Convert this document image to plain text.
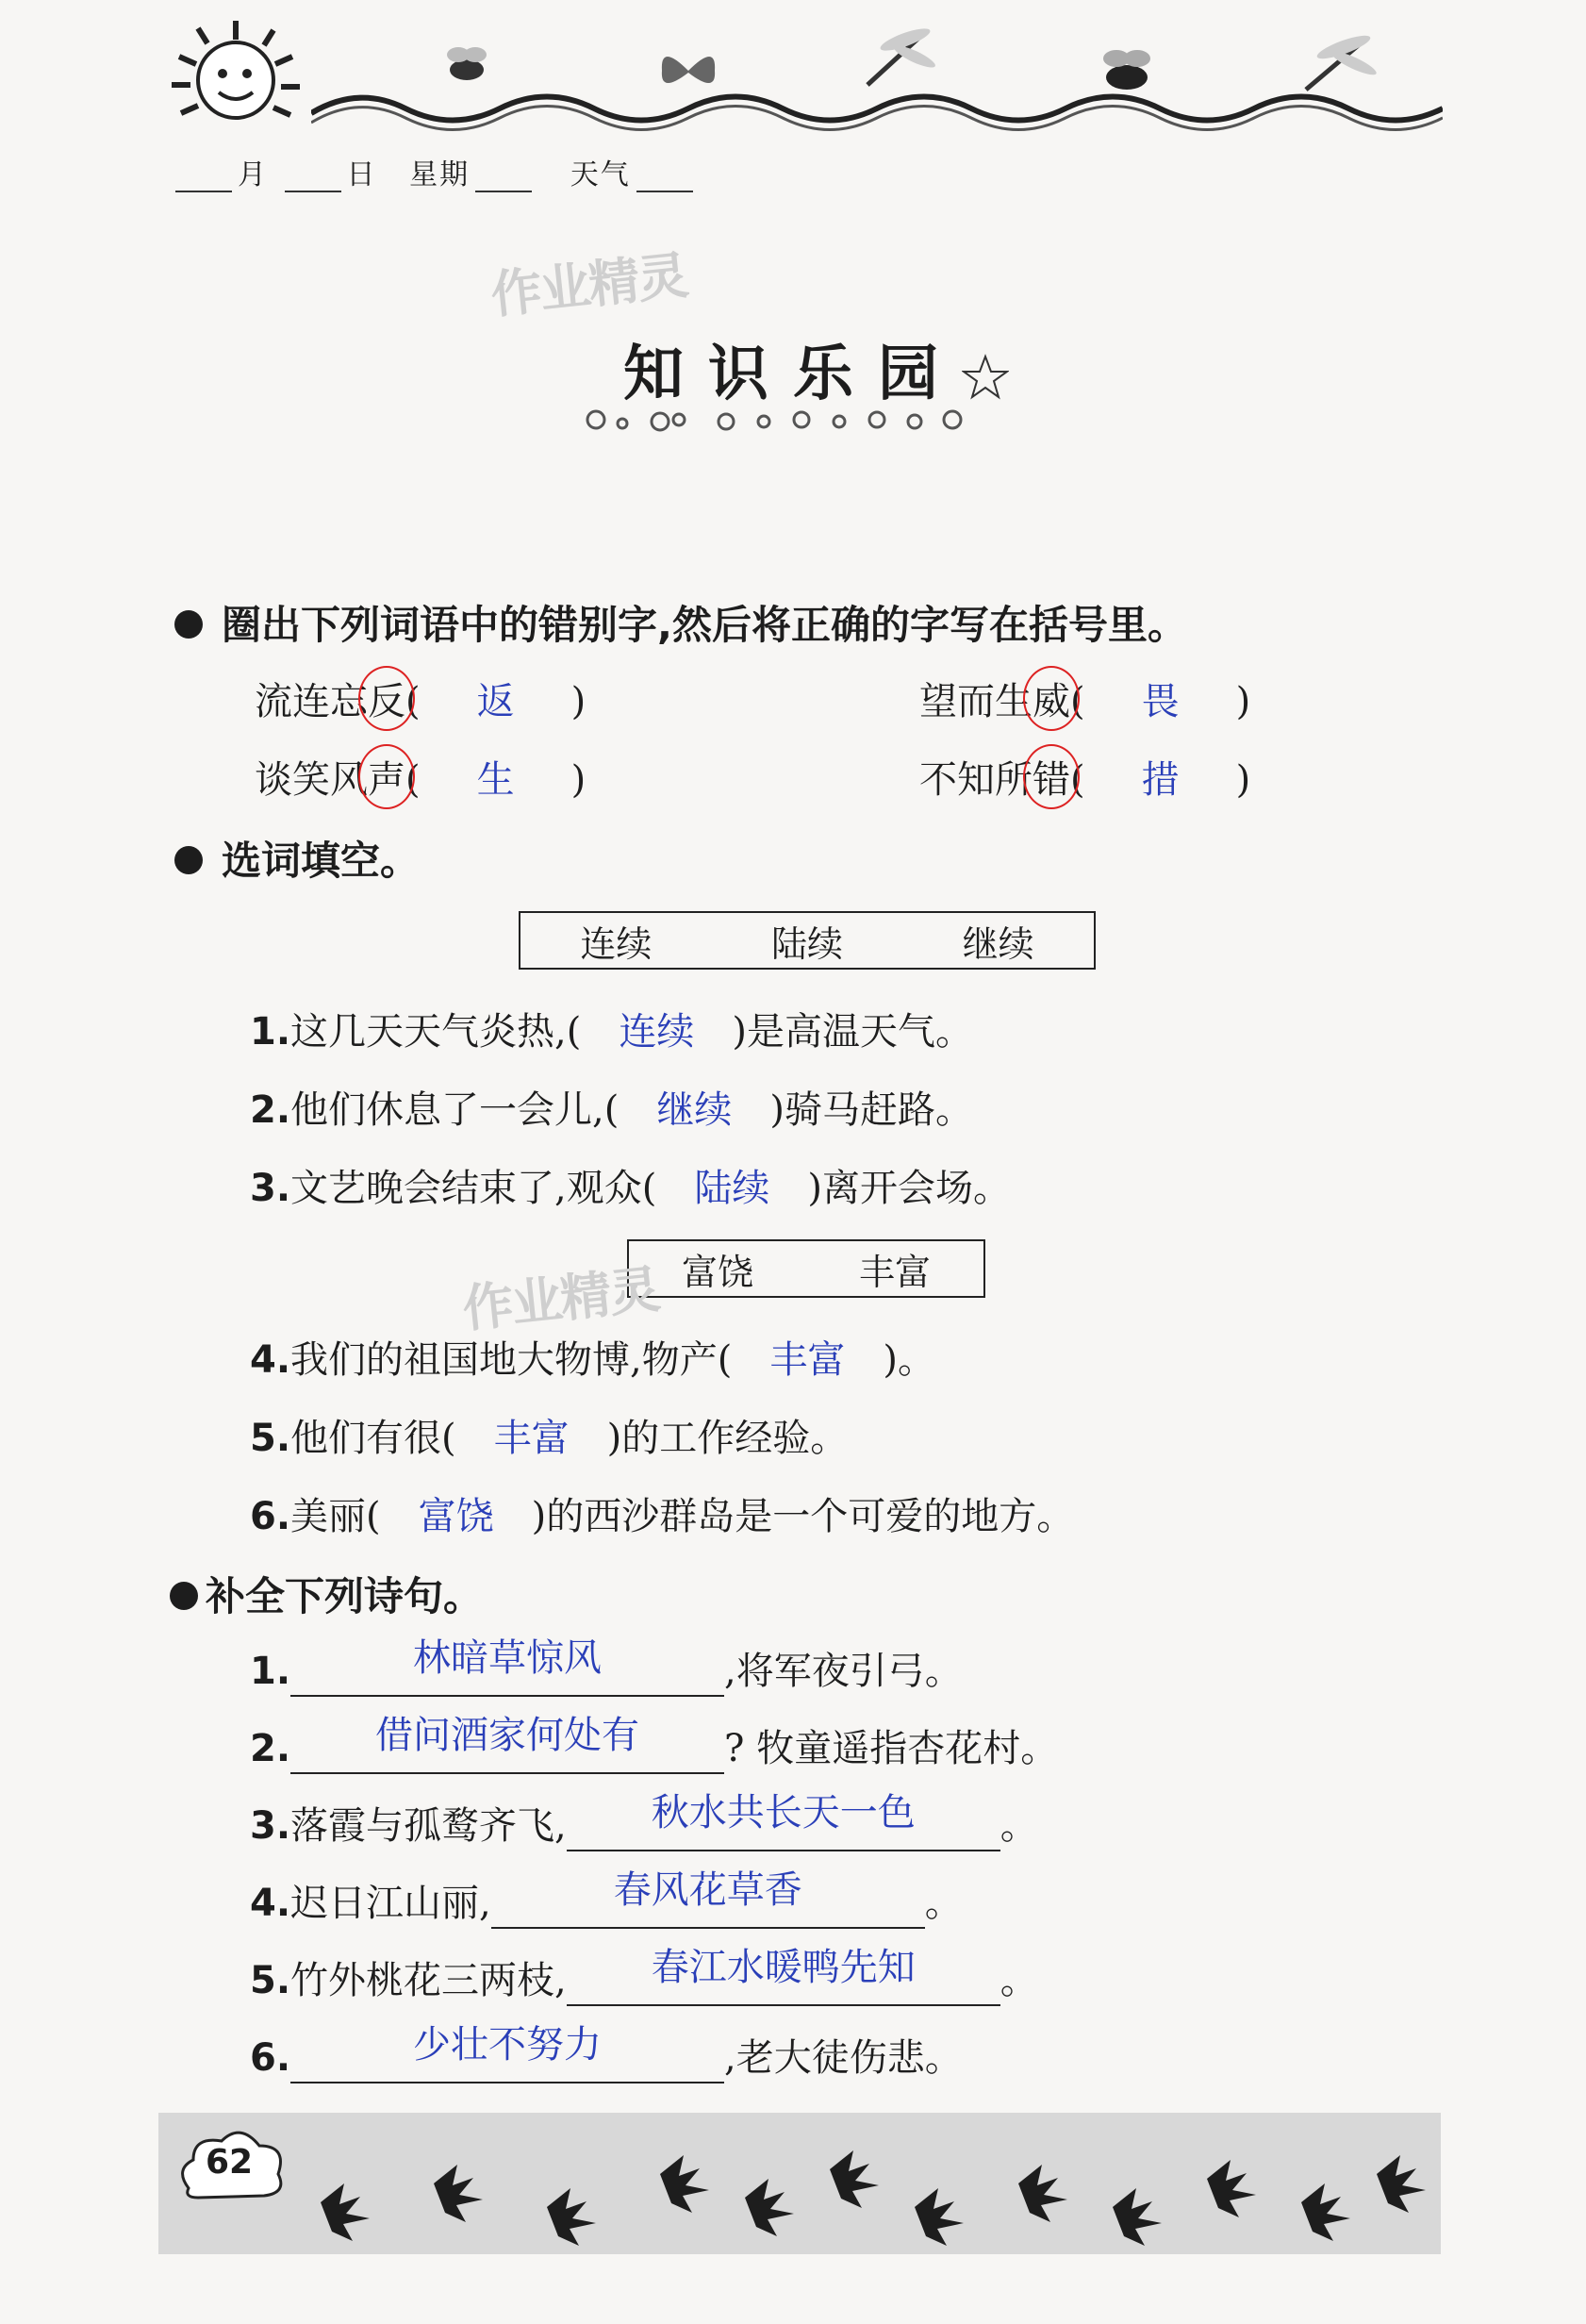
月	日 星期	天气
作业精灵
知识乐园
圈出下列词语中的错别字,然后将正确的字写在括号里。
流连忘反( 返 )	望而生威( 畏 )
谈笑风声( 生 )	不知所错( 措 )
选词填空。
连续	陆续	继续
1.这几天天气炎热,( 连续 )是高温天气。
2.他们休息了一会儿,( 继续 )骑马赶路。
3.文艺晚会结束了,观众( 陆续 )离开会场。
富饶	丰富
作业精灵
4.我们的祖国地大物博,物产( 丰富 )。
5.他们有很( 丰富 )的工作经验。
6.美丽( 富饶 )的西沙群岛是一个可爱的地方。
补全下列诗句。
1.	林暗草惊风	,将军夜引弓。
2. 借问酒家何处有 ? 牧童遥指杏花村。
3.落霞与孤鹜齐飞, 秋水共长天一色 。
4.迟日江山丽,	春风花草香	。
5.竹外桃花三两枝, 春江水暖鸭先知 。
6.	少壮不努力	,老大徒伤悲。
62
